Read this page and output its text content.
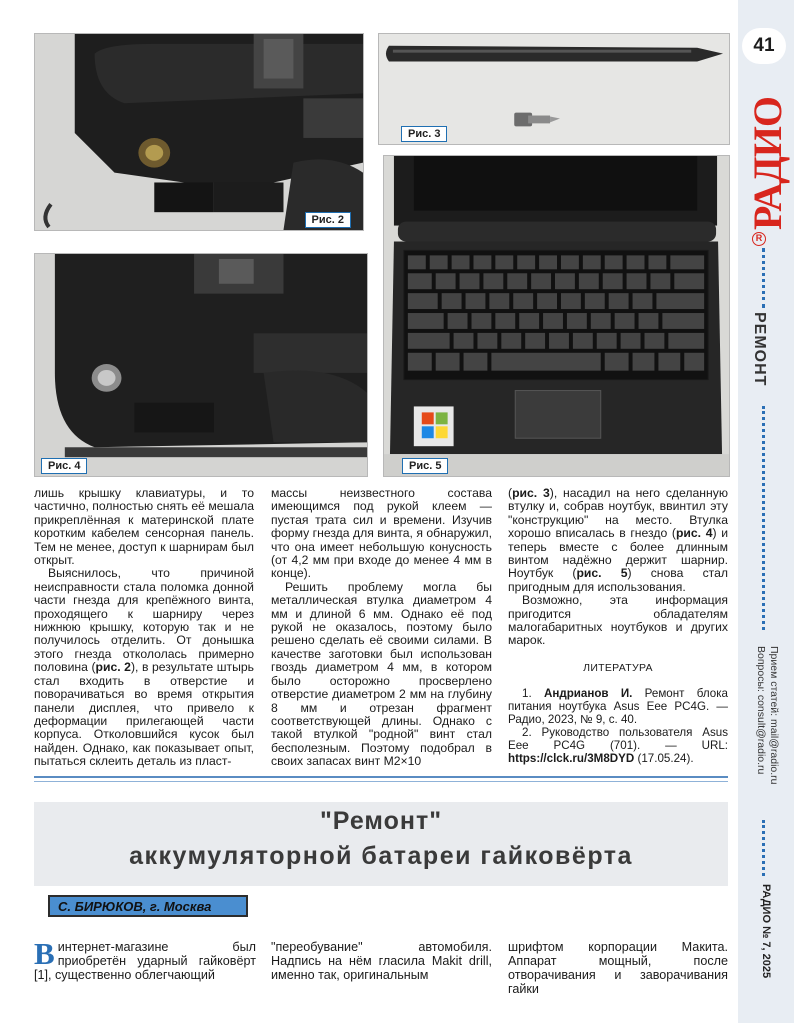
Рис. 2
Рис. 3
Рис. 4	Рис. 5

лишь крышку клавиатуры, и то частично, полностью снять её мешала прикреплённая к материнской плате коротким кабелем сенсорная панель. Тем не менее, доступ к шарнирам был открыт.

Выяснилось, что причиной неисправности стала поломка донной части гнезда для крепёжного винта, проходящего к шарниру через нижнюю крышку, которую так и не получилось отделить. От донышка этого гнезда откололась примерно половина (рис. 2), в результате штырь стал входить в отверстие и поворачиваться во время открытия панели дисплея, что привело к деформации прилегающей части корпуса. Отколовшийся кусок был найден. Однако, как показывает опыт, пытаться склеить деталь из пласт-

массы неизвестного состава имеющимся под рукой клеем — пустая трата сил и времени. Изучив форму гнезда для винта, я обнаружил, что она имеет небольшую конусность (от 4,2 мм при входе до менее 4 мм в конце).

Решить проблему могла бы металлическая втулка диаметром 4 мм и длиной 6 мм. Однако её под рукой не оказалось, поэтому было решено сделать её своими силами. В качестве заготовки был использован гвоздь диаметром 4 мм, в котором было осторожно просверлено отверстие диаметром 2 мм на глубину 8 мм и отрезан фрагмент соответствующей длины. Однако с такой втулкой "родной" винт стал бесполезным. Поэтому подобрал в своих запасах винт М2×10

(рис. 3), насадил на него сделанную втулку и, собрав ноутбук, ввинтил эту "конструкцию" на место. Втулка хорошо вписалась в гнездо (рис. 4) и теперь вместе с более длинным винтом надёжно держит шарнир. Ноутбук (рис. 5) снова стал пригодным для использования.

Возможно, эта информация пригодится обладателям малогабаритных ноутбуков и других марок.

ЛИТЕРАТУРА

1. Андрианов И. Ремонт блока питания ноутбука Asus Eee PC4G. — Радио, 2023, № 9, с. 40.

2. Руководство пользователя Asus Eee PC4G (701). — URL: https://clck.ru/3M8DYD (17.05.24).

"Ремонт"
аккумуляторной батареи гайковёрта
С. БИРЮКОВ, г. Москва
В интернет-магазине был приобретён ударный гайковёрт [1], существенно облегчающий
"переобувание" автомобиля. Надпись на нём гласила Makit drill, именно так, оригинальным
шрифтом корпорации Макита. Аппарат мощный, после отворачивания и заворачивания гайки
41
РАДИО
R
РЕМОНТ
Прием статей: mail@radio.ru
Вопросы: consult@radio.ru
РАДИО № 7, 2025
